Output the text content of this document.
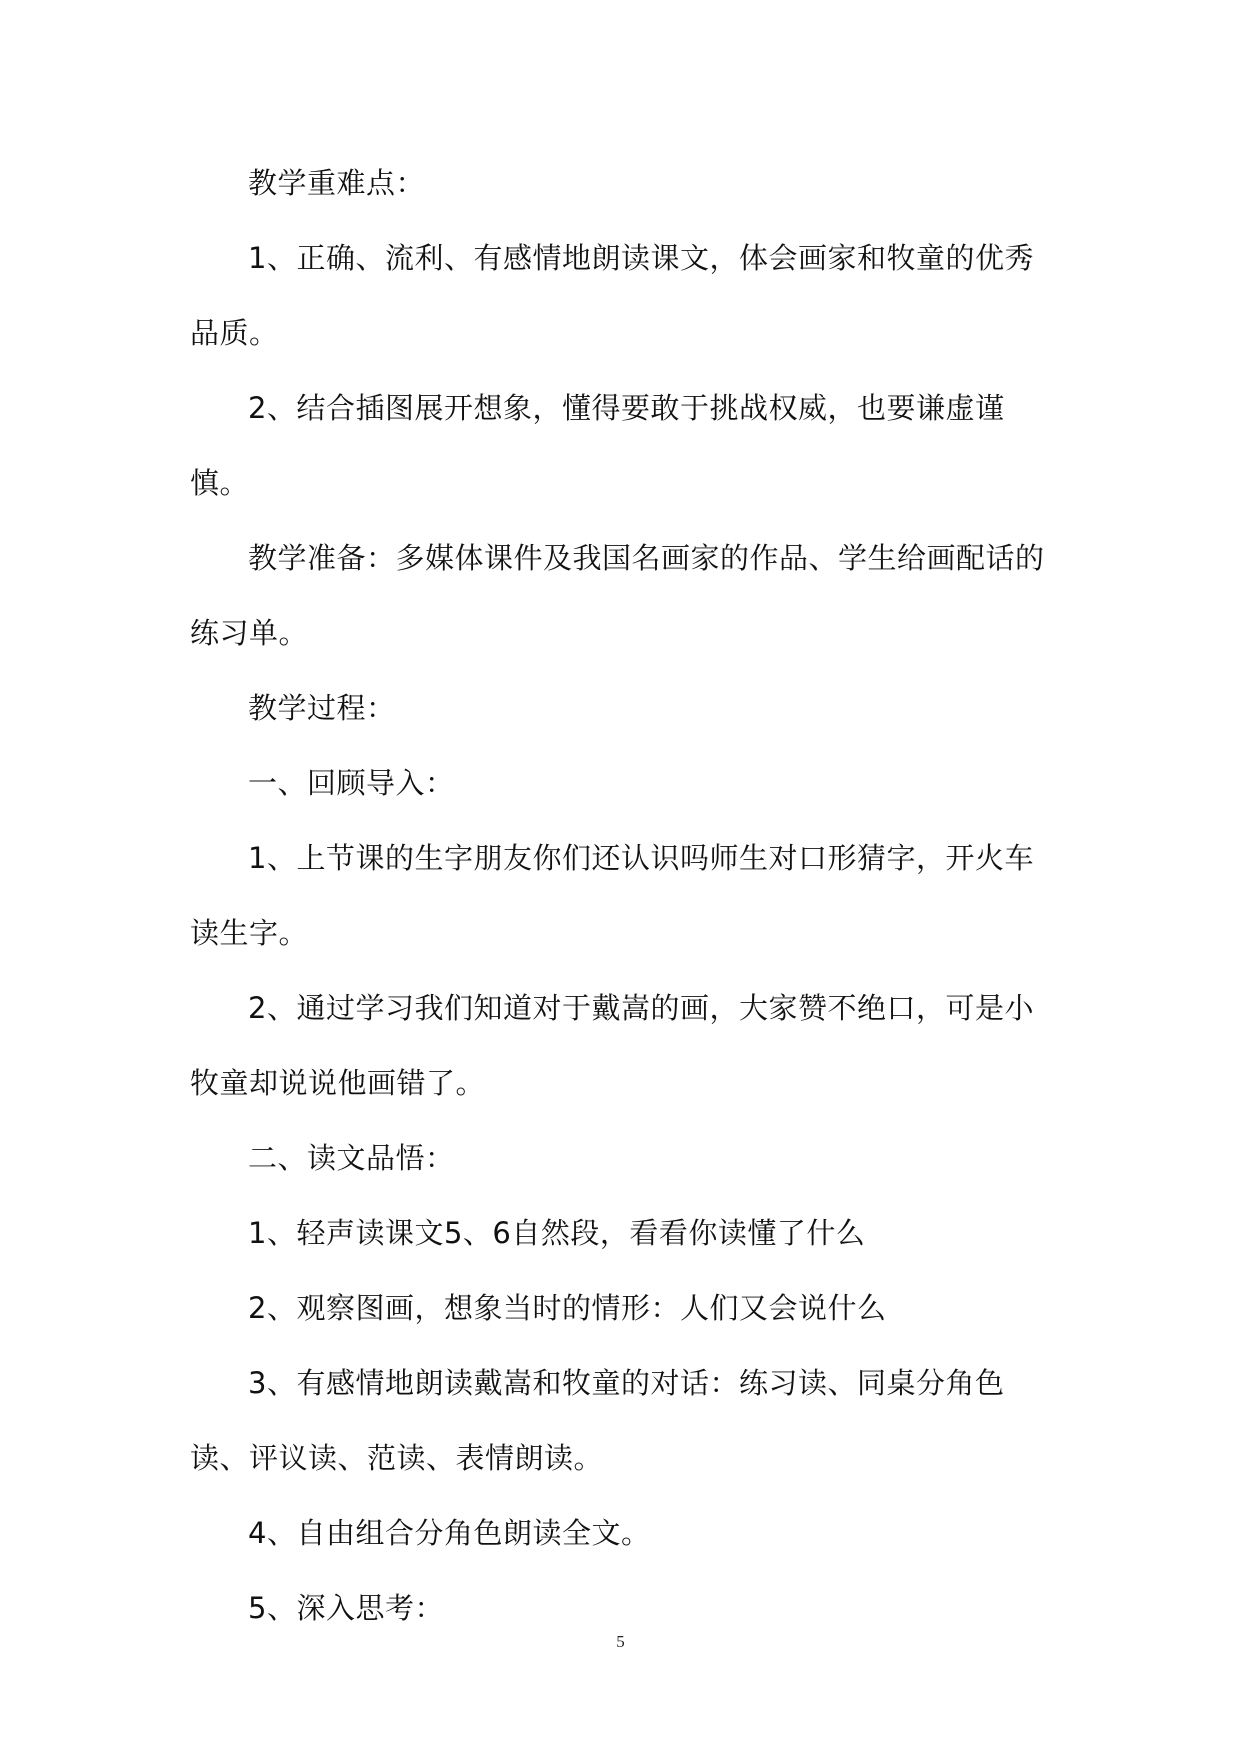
教学重难点：

1、正确、流利、有感情地朗读课文，体会画家和牧童的优秀品质。

2、结合插图展开想象，懂得要敢于挑战权威，也要谦虚谨慎。

教学准备：多媒体课件及我国名画家的作品、学生给画配话的练习单。

教学过程：

一、回顾导入：

1、上节课的生字朋友你们还认识吗师生对口形猜字，开火车读生字。

2、通过学习我们知道对于戴嵩的画，大家赞不绝口，可是小牧童却说说他画错了。

二、读文品悟：

1、轻声读课文5、6自然段，看看你读懂了什么

2、观察图画，想象当时的情形：人们又会说什么

3、有感情地朗读戴嵩和牧童的对话：练习读、同桌分角色读、评议读、范读、表情朗读。

4、自由组合分角色朗读全文。

5、深入思考：

5
